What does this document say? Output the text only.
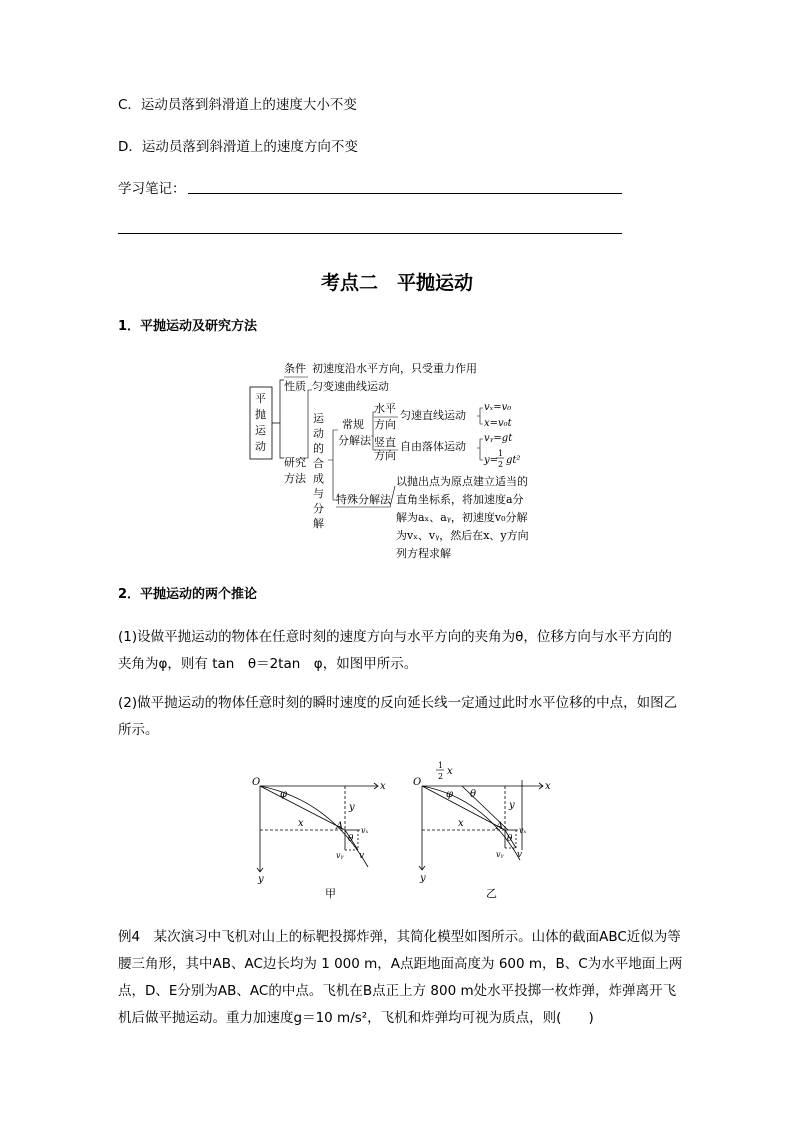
C．运动员落到斜滑道上的速度大小不变
D．运动员落到斜滑道上的速度方向不变
学习笔记：
考点二　平抛运动
1．平抛运动及研究方法
平
抛
运
动
条件
性质
初速度沿水平方向，只受重力作用
匀变速曲线运动
研究
方法
运
动
的
合
成
与
分
解
常规
分解法
水平
方向
竖直
方向
匀速直线运动
自由落体运动
vₓ=v₀
x=v₀t
vᵧ=gt
y=
1
2 gt²
特殊分解法
以抛出点为原点建立适当的
直角坐标系，将加速度a分
解为aₓ、aᵧ，初速度v₀分解
为vₓ、vᵧ，然后在x、y方向
列方程求解
2．平抛运动的两个推论
(1)设做平抛运动的物体在任意时刻的速度方向与水平方向的夹角为θ，位移方向与水平方向的夹角为φ，则有 tan　θ＝2tan　φ，如图甲所示。
(2)做平抛运动的物体任意时刻的瞬时速度的反向延长线一定通过此时水平位移的中点，如图乙所示。
O	x
y
φ
y
x	A vₓ
vᵧ v
θ
甲
O
1
2 x
x
y
φ θ
y
x	A vₓ
vᵧ v
θ
乙
例4　某次演习中飞机对山上的标靶投掷炸弹，其简化模型如图所示。山体的截面ABC近似为等腰三角形，其中AB、AC边长均为 1 000 m，A点距地面高度为 600 m，B、C为水平地面上两点，D、E分别为AB、AC的中点。飞机在B点正上方 800 m处水平投掷一枚炸弹，炸弹离开飞机后做平抛运动。重力加速度g＝10 m/s²，飞机和炸弹均可视为质点，则(　　)
